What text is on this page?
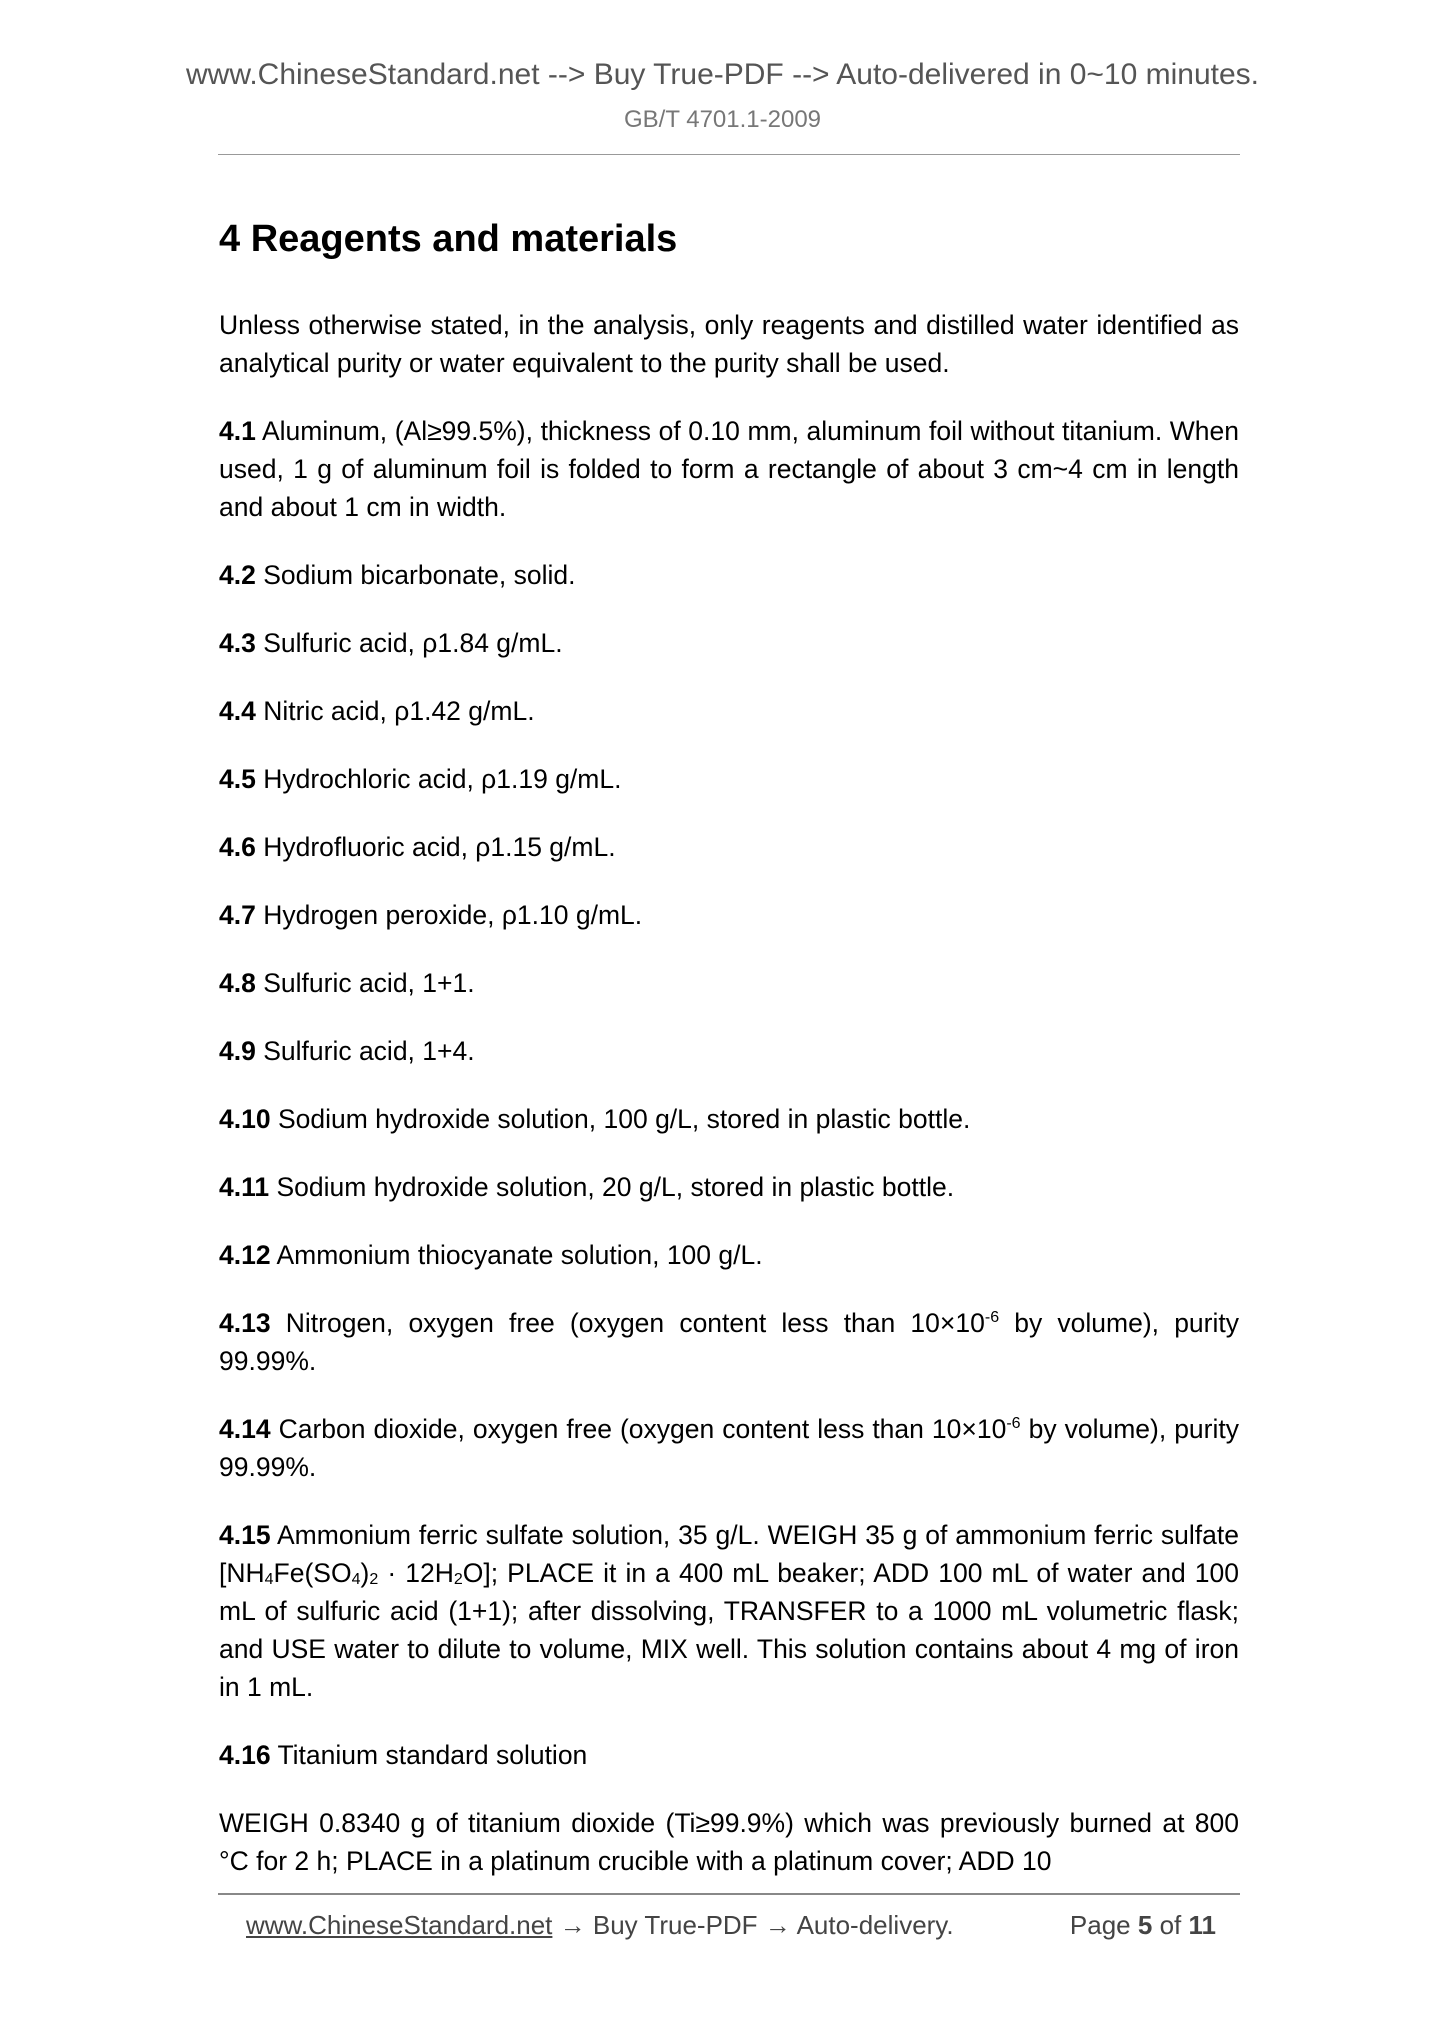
www.ChineseStandard.net --> Buy True-PDF --> Auto-delivered in 0~10 minutes.
GB/T 4701.1-2009
4 Reagents and materials

Unless otherwise stated, in the analysis, only reagents and distilled water identified as analytical purity or water equivalent to the purity shall be used.

4.1 Aluminum, (Al≥99.5%), thickness of 0.10 mm, aluminum foil without titanium. When used, 1 g of aluminum foil is folded to form a rectangle of about 3 cm~4 cm in length and about 1 cm in width.

4.2 Sodium bicarbonate, solid.

4.3 Sulfuric acid, ρ1.84 g/mL.

4.4 Nitric acid, ρ1.42 g/mL.

4.5 Hydrochloric acid, ρ1.19 g/mL.

4.6 Hydrofluoric acid, ρ1.15 g/mL.

4.7 Hydrogen peroxide, ρ1.10 g/mL.

4.8 Sulfuric acid, 1+1.

4.9 Sulfuric acid, 1+4.

4.10 Sodium hydroxide solution, 100 g/L, stored in plastic bottle.

4.11 Sodium hydroxide solution, 20 g/L, stored in plastic bottle.

4.12 Ammonium thiocyanate solution, 100 g/L.

4.13 Nitrogen, oxygen free (oxygen content less than $10\times 10^{-6}$ by volume), purity 99.99%.

4.14 Carbon dioxide, oxygen free (oxygen content less than $10\times 10^{-6}$ by volume), purity 99.99%.

4.15 Ammonium ferric sulfate solution, 35 g/L. WEIGH 35 g of ammonium ferric sulfate $[NH_4Fe(SO_4)_2 \cdot 12H_2O]$; PLACE it in a 400 mL beaker; ADD 100 mL of water and 100 mL of sulfuric acid (1+1); after dissolving, TRANSFER to a 1000 mL volumetric flask; and USE water to dilute to volume, MIX well. This solution contains about 4 mg of iron in 1 mL.

4.16 Titanium standard solution

WEIGH 0.8340 g of titanium dioxide (Ti≥99.9%) which was previously burned at 800 °C for 2 h; PLACE in a platinum crucible with a platinum cover; ADD 10

www.ChineseStandard.net → Buy True-PDF → Auto-delivery.	Page 5 of 11
